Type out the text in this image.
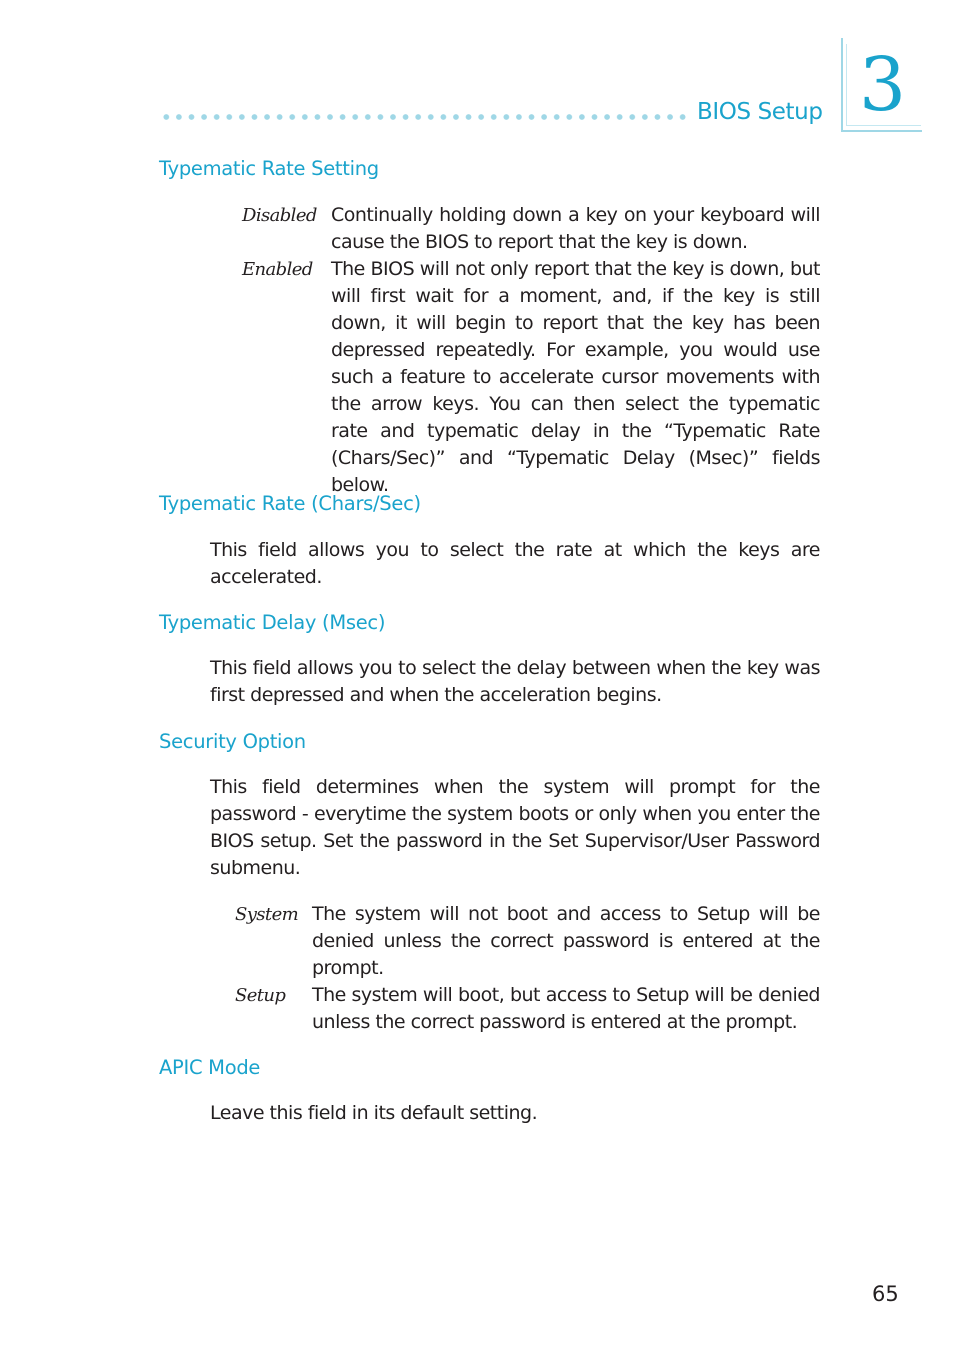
BIOS Setup 3
Typematic Rate Setting
Disabled Continually holding down a key on your keyboard will cause the BIOS to report that the key is down.

Enabled The BIOS will not only report that the key is down, but will first wait for a moment, and, if the key is still down, it will begin to report that the key has been depressed repeatedly. For example, you would use such a feature to accelerate cursor movements with the arrow keys. You can then select the typematic rate and typematic delay in the “Typematic Rate (Chars/Sec)” and “Typematic Delay (Msec)” fields below.

Typematic Rate (Chars/Sec)

This field allows you to select the rate at which the keys are accelerated.

Typematic Delay (Msec)

This field allows you to select the delay between when the key was first depressed and when the acceleration begins.

Security Option

This field determines when the system will prompt for the password - everytime the system boots or only when you enter the BIOS setup. Set the password in the Set Supervisor/User Password submenu.

System The system will not boot and access to Setup will be denied unless the correct password is entered at the prompt.

Setup The system will boot, but access to Setup will be denied unless the correct password is entered at the prompt.

APIC Mode

Leave this field in its default setting.

65
